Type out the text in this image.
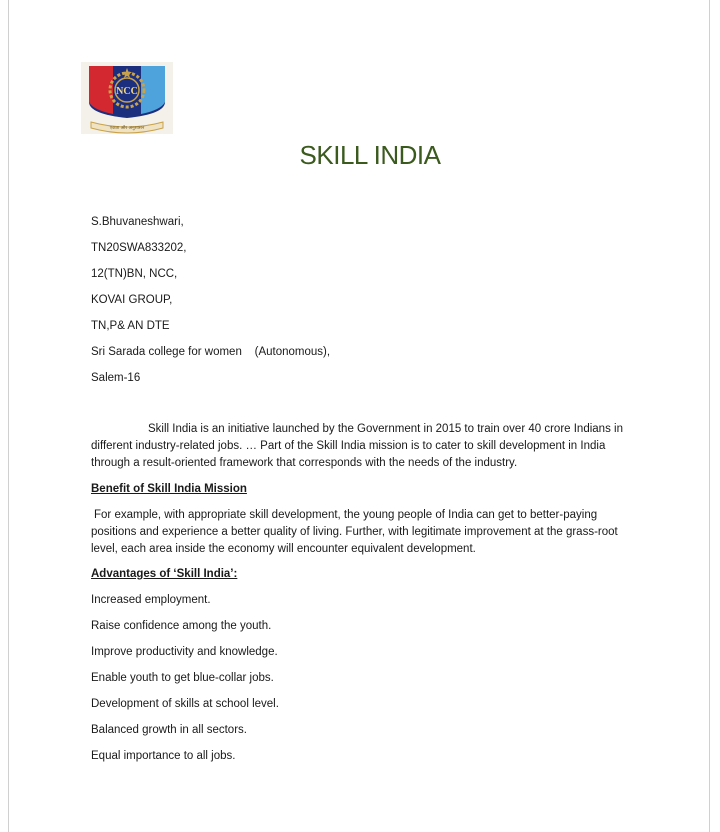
NCC
एकता और अनुशासन
SKILL INDIA

S.Bhuvaneshwari,

TN20SWA833202,

12(TN)BN, NCC,

KOVAI GROUP,

TN,P& AN DTE

Sri Sarada college for women    (Autonomous),

Salem-16

Skill India is an initiative launched by the Government in 2015 to train over 40 crore Indians in different industry-related jobs. … Part of the Skill India mission is to cater to skill development in India through a result-oriented framework that corresponds with the needs of the industry.

Benefit of Skill India Mission

For example, with appropriate skill development, the young people of India can get to better-paying positions and experience a better quality of living. Further, with legitimate improvement at the grass-root level, each area inside the economy will encounter equivalent development.

Advantages of ‘Skill India’:

Increased employment.

Raise confidence among the youth.

Improve productivity and knowledge.

Enable youth to get blue-collar jobs.

Development of skills at school level.

Balanced growth in all sectors.

Equal importance to all jobs.
